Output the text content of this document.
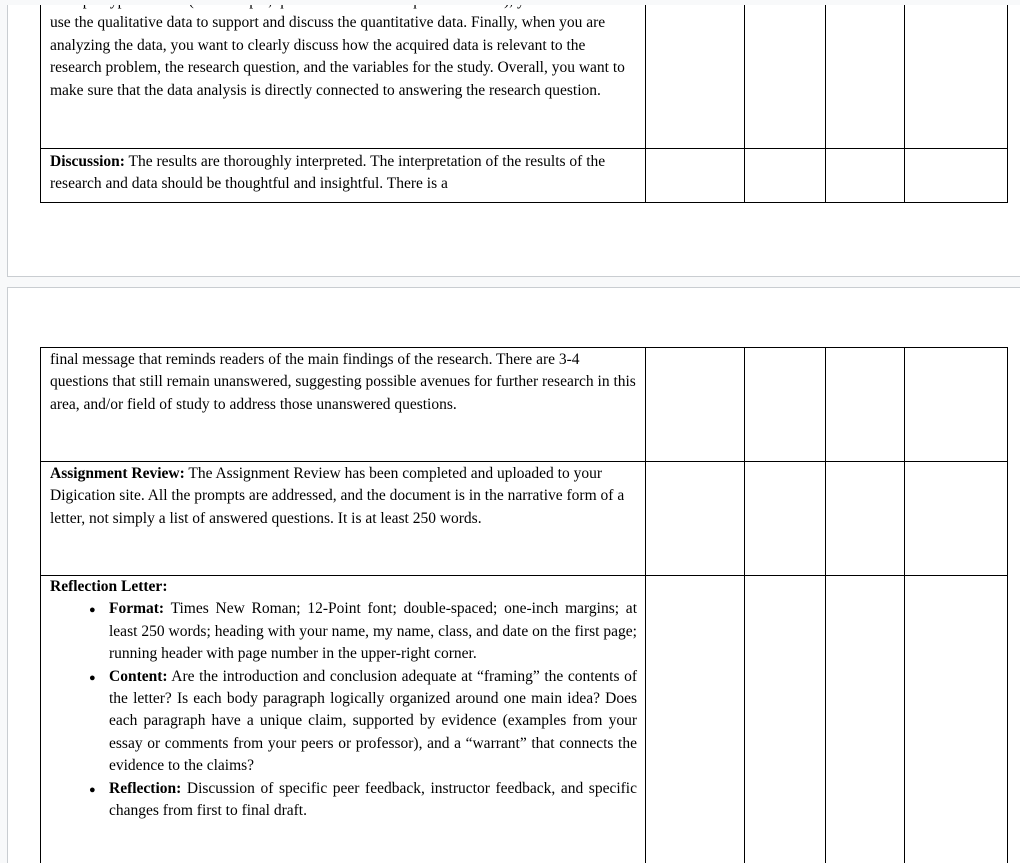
use the qualitative data to support and discuss the quantitative data. Finally, when you are analyzing the data, you want to clearly discuss how the acquired data is relevant to the research problem, the research question, and the variables for the study. Overall, you want to make sure that the data analysis is directly connected to answering the research question.
Discussion: The results are thoroughly interpreted. The interpretation of the results of the research and data should be thoughtful and insightful. There is a
final message that reminds readers of the main findings of the research. There are 3-4 questions that still remain unanswered, suggesting possible avenues for further research in this area, and/or field of study to address those unanswered questions.
Assignment Review: The Assignment Review has been completed and uploaded to your Digication site. All the prompts are addressed, and the document is in the narrative form of a letter, not simply a list of answered questions. It is at least 250 words.
Reflection Letter:
● Format: Times New Roman; 12-Point font; double-spaced; one-inch margins; at least 250 words; heading with your name, my name, class, and date on the first page; running header with page number in the upper-right corner.
● Content: Are the introduction and conclusion adequate at “framing” the contents of the letter? Is each body paragraph logically organized around one main idea? Does each paragraph have a unique claim, supported by evidence (examples from your essay or comments from your peers or professor), and a “warrant” that connects the evidence to the claims?
● Reflection: Discussion of specific peer feedback, instructor feedback, and specific changes from first to final draft.
